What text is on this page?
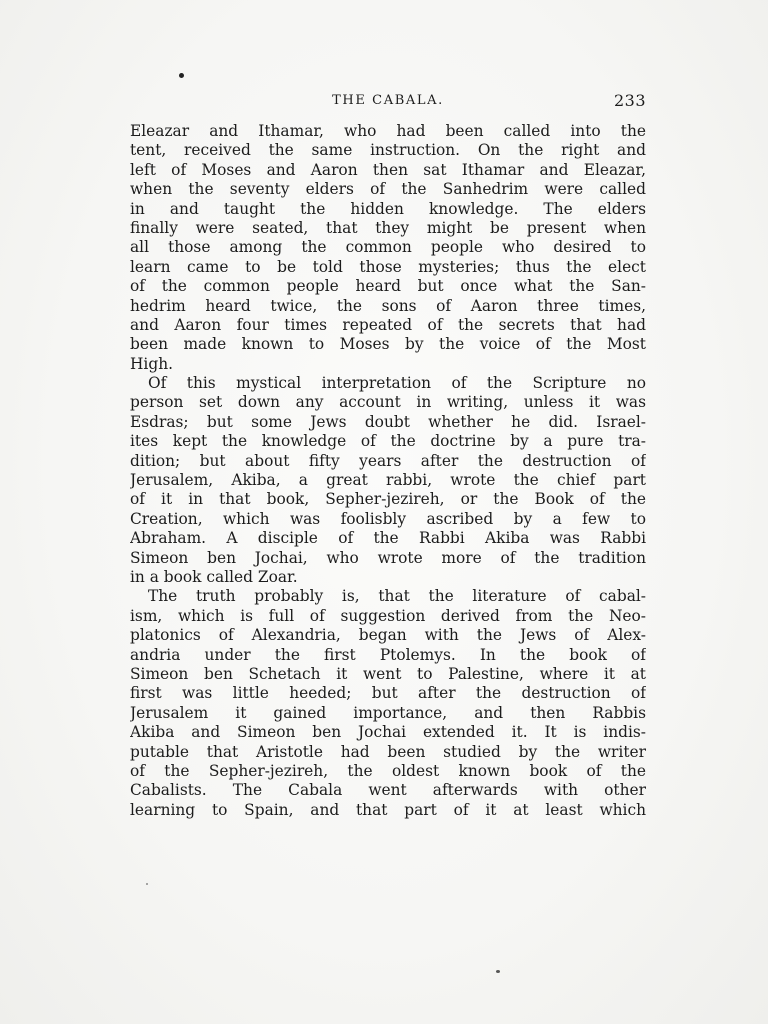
THE CABALA.	233
Eleazar and Ithamar, who had been called into the
tent, received the same instruction. On the right and
left of Moses and Aaron then sat Ithamar and Eleazar,
when the seventy elders of the Sanhedrim were called
in and taught the hidden knowledge. The elders
finally were seated, that they might be present when
all those among the common people who desired to
learn came to be told those mysteries; thus the elect
of the common people heard but once what the San-
hedrim heard twice, the sons of Aaron three times,
and Aaron four times repeated of the secrets that had
been made known to Moses by the voice of the Most
High.
Of this mystical interpretation of the Scripture no
person set down any account in writing, unless it was
Esdras; but some Jews doubt whether he did. Israel-
ites kept the knowledge of the doctrine by a pure tra-
dition; but about fifty years after the destruction of
Jerusalem, Akiba, a great rabbi, wrote the chief part
of it in that book, Sepher-jezireh, or the Book of the
Creation, which was foolisbly ascribed by a few to
Abraham. A disciple of the Rabbi Akiba was Rabbi
Simeon ben Jochai, who wrote more of the tradition
in a book called Zoar.
The truth probably is, that the literature of cabal-
ism, which is full of suggestion derived from the Neo-
platonics of Alexandria, began with the Jews of Alex-
andria under the first Ptolemys. In the book of
Simeon ben Schetach it went to Palestine, where it at
first was little heeded; but after the destruction of
Jerusalem it gained importance, and then Rabbis
Akiba and Simeon ben Jochai extended it. It is indis-
putable that Aristotle had been studied by the writer
of the Sepher-jezireh, the oldest known book of the
Cabalists. The Cabala went afterwards with other
learning to Spain, and that part of it at least which
